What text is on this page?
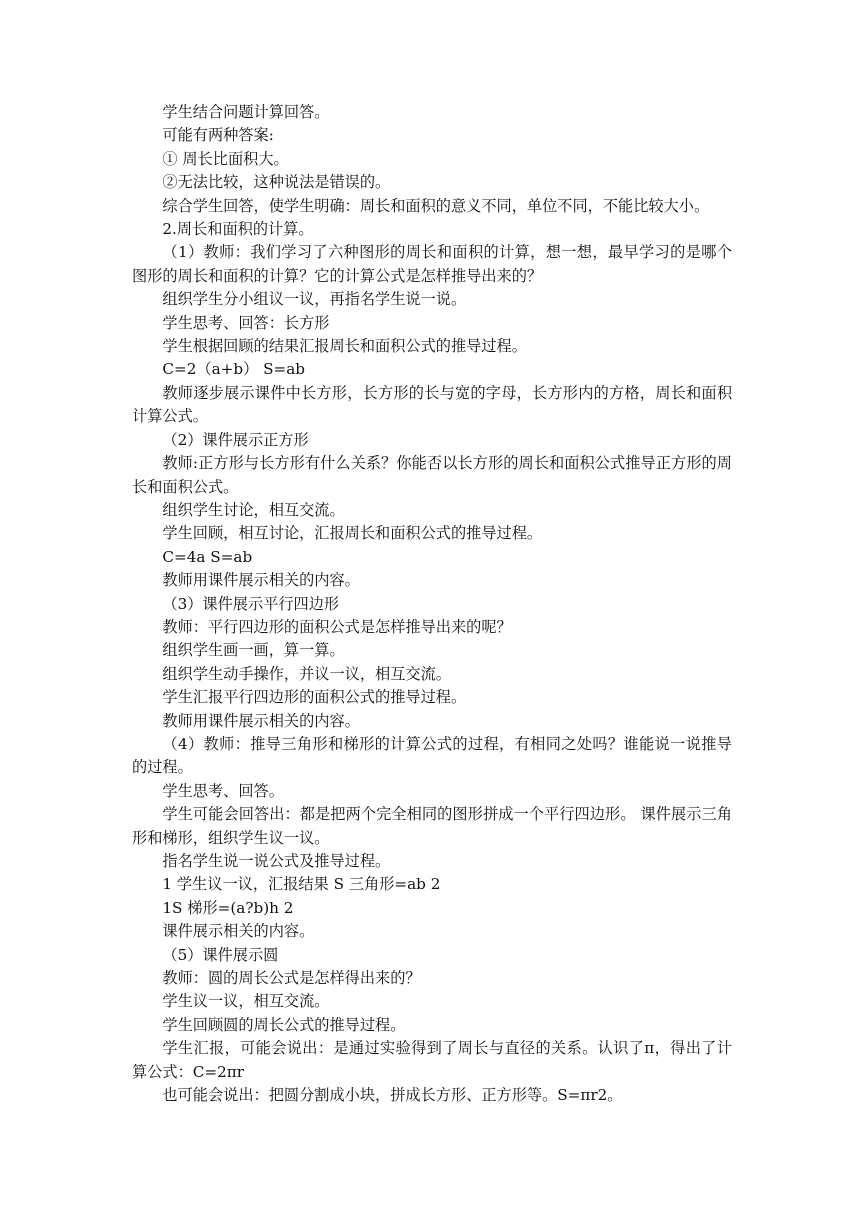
学生结合问题计算回答。

可能有两种答案:

① 周长比面积大。

②无法比较，这种说法是错误的。

综合学生回答，使学生明确：周长和面积的意义不同，单位不同，不能比较大小。

2.周长和面积的计算。

（1）教师：我们学习了六种图形的周长和面积的计算，想一想，最早学习的是哪个图形的周长和面积的计算？它的计算公式是怎样推导出来的？

组织学生分小组议一议，再指名学生说一说。

学生思考、回答：长方形

学生根据回顾的结果汇报周长和面积公式的推导过程。

C=2（a+b） S=ab

教师逐步展示课件中长方形，长方形的长与宽的字母，长方形内的方格，周长和面积计算公式。

（2）课件展示正方形

教师:正方形与长方形有什么关系？你能否以长方形的周长和面积公式推导正方形的周长和面积公式。

组织学生讨论，相互交流。

学生回顾，相互讨论，汇报周长和面积公式的推导过程。

C=4a S=ab

教师用课件展示相关的内容。

（3）课件展示平行四边形

教师：平行四边形的面积公式是怎样推导出来的呢？

组织学生画一画，算一算。

组织学生动手操作，并议一议，相互交流。

学生汇报平行四边形的面积公式的推导过程。

教师用课件展示相关的内容。

（4）教师：推导三角形和梯形的计算公式的过程，有相同之处吗？谁能说一说推导的过程。

学生思考、回答。

学生可能会回答出：都是把两个完全相同的图形拼成一个平行四边形。 课件展示三角形和梯形，组织学生议一议。

指名学生说一说公式及推导过程。

1 学生议一议，汇报结果 S 三角形=ab 2

1S 梯形=(a?b)h 2

课件展示相关的内容。

（5）课件展示圆

教师：圆的周长公式是怎样得出来的？

学生议一议，相互交流。

学生回顾圆的周长公式的推导过程。

学生汇报，可能会说出：是通过实验得到了周长与直径的关系。认识了π，得出了计算公式：C=2πr

也可能会说出：把圆分割成小块，拼成长方形、正方形等。S=πr2。
